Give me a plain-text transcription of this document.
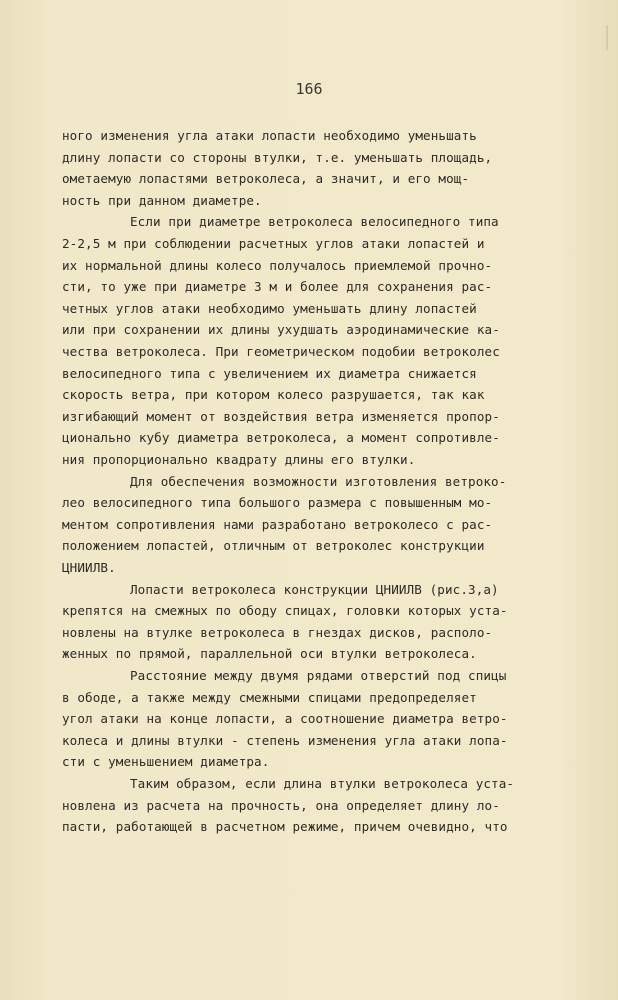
166
ного изменения угла атаки лопасти необходимо уменьшать
длину лопасти со стороны втулки, т.е. уменьшать площадь,
ометаемую лопастями ветроколеса, а значит, и его мощ-
ность при данном диаметре.
Если при диаметре ветроколеса велосипедного типа
2-2,5 м при соблюдении расчетных углов атаки лопастей и
их нормальной длины колесо получалось приемлемой прочно-
сти, то уже при диаметре 3 м и более для сохранения рас-
четных углов атаки необходимо уменьшать длину лопастей
или при сохранении их длины ухудшать аэродинамические ка-
чества ветроколеса. При геометрическом подобии ветроколес
велосипедного типа с увеличением их диаметра снижается
скорость ветра, при котором колесо разрушается, так как
изгибающий момент от воздействия ветра изменяется пропор-
ционально кубу диаметра ветроколеса, а момент сопротивле-
ния пропорционально квадрату длины его втулки.
Для обеспечения возможности изготовления ветроко-
лео велосипедного типа большого размера с повышенным мо-
ментом сопротивления нами разработано ветроколесо с рас-
положением лопастей, отличным от ветроколес конструкции
ЦНИИЛВ.
Лопасти ветроколеса конструкции ЦНИИЛВ (рис.3,а)
крепятся на смежных по ободу спицах, головки которых уста-
новлены на втулке ветроколеса в гнездах дисков, располо-
женных по прямой, параллельной оси втулки ветроколеса.
Расстояние между двумя рядами отверстий под спицы
в ободе, а также между смежными спицами предопределяет
угол атаки на конце лопасти, а соотношение диаметра ветро-
колеса и длины втулки - степень изменения угла атаки лопа-
сти с уменьшением диаметра.
Таким образом, если длина втулки ветроколеса уста-
новлена из расчета на прочность, она определяет длину ло-
пасти, работающей в расчетном режиме, причем очевидно, что
